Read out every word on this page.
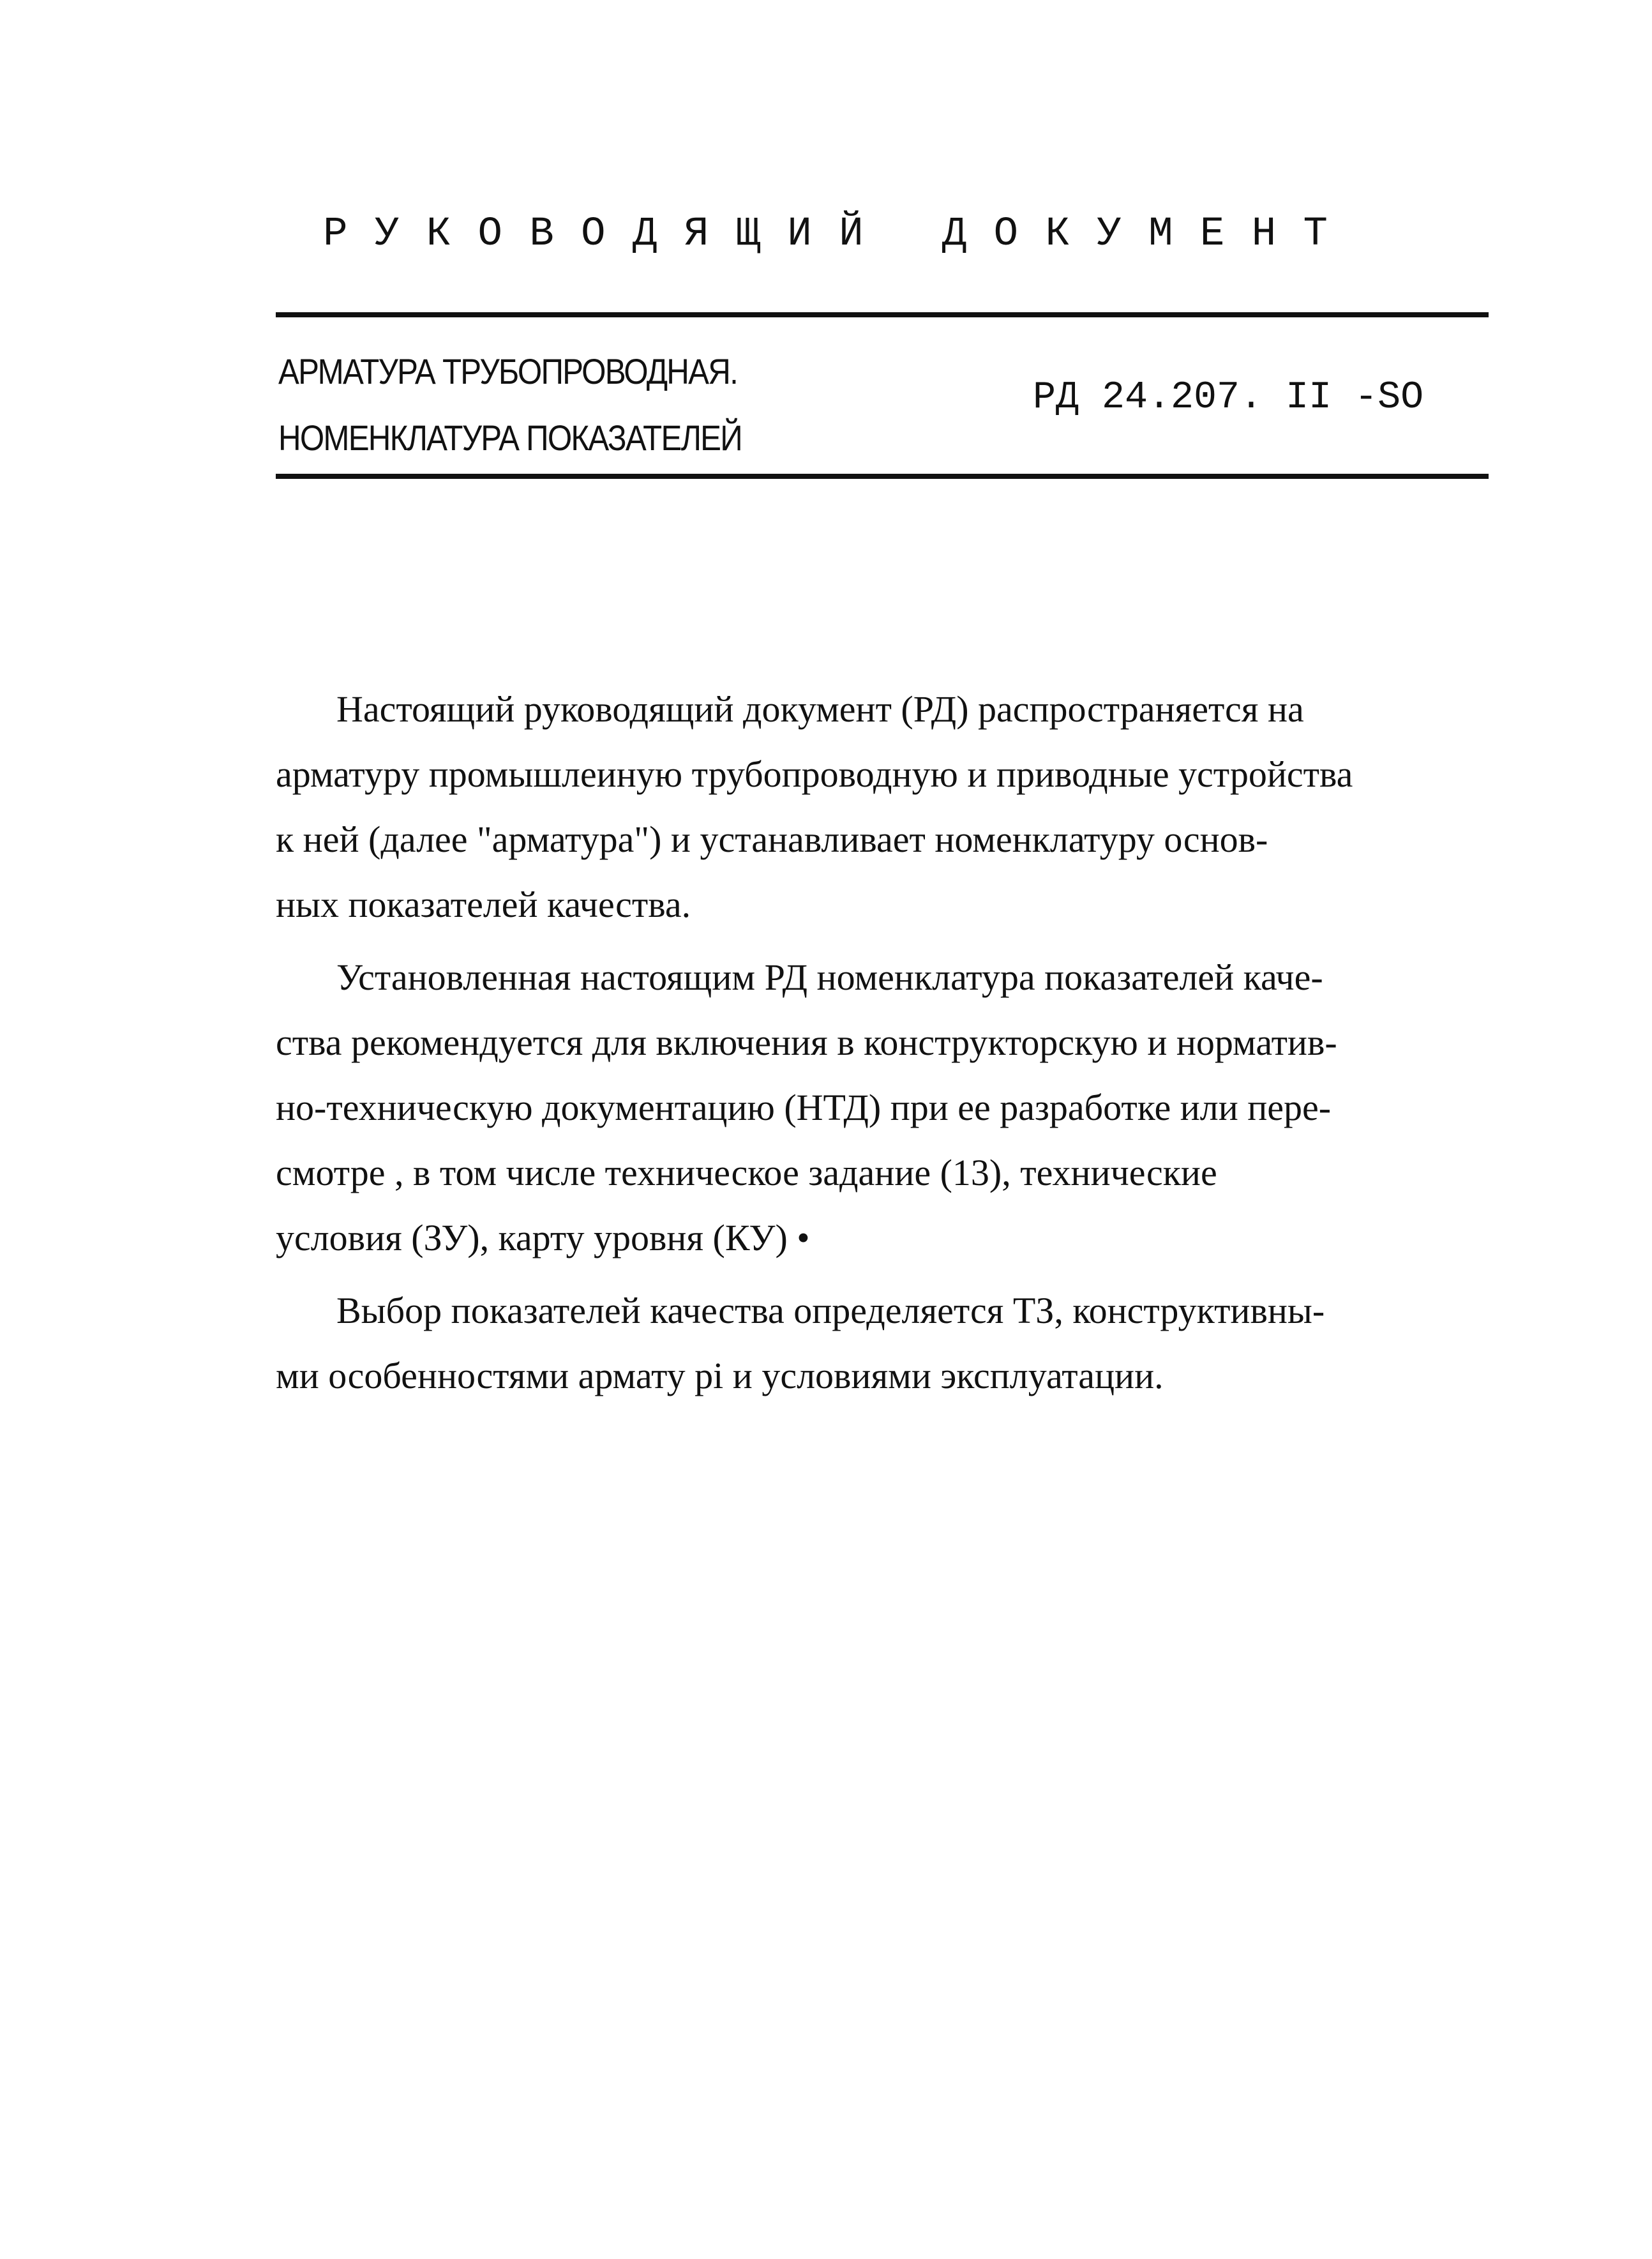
Р У К О В О Д Я Щ И Й   Д О К У М Е Н Т
АРМАТУРА ТРУБОПРОВОДНАЯ.
НОМЕНКЛАТУРА ПОКАЗАТЕЛЕЙ
РД 24.207. II -SO
Настоящий руководящий документ (РД) распространяется на
арматуру промышлеиную трубопроводную и приводные устройства
к ней (далее "арматура") и устанавливает номенклатуру основ-
ных показателей качества.
Установленная настоящим РД номенклатура показателей каче-
ства рекомендуется для включения в конструкторскую и норматив-
но-техническую документацию (НТД) при ее разработке или пере-
смотре , в том числе техническое задание (13), технические
условия (ЗУ), карту уровня (КУ) •
Выбор показателей качества определяется ТЗ, конструктивны-
ми особенностями армату рі и условиями эксплуатации.
